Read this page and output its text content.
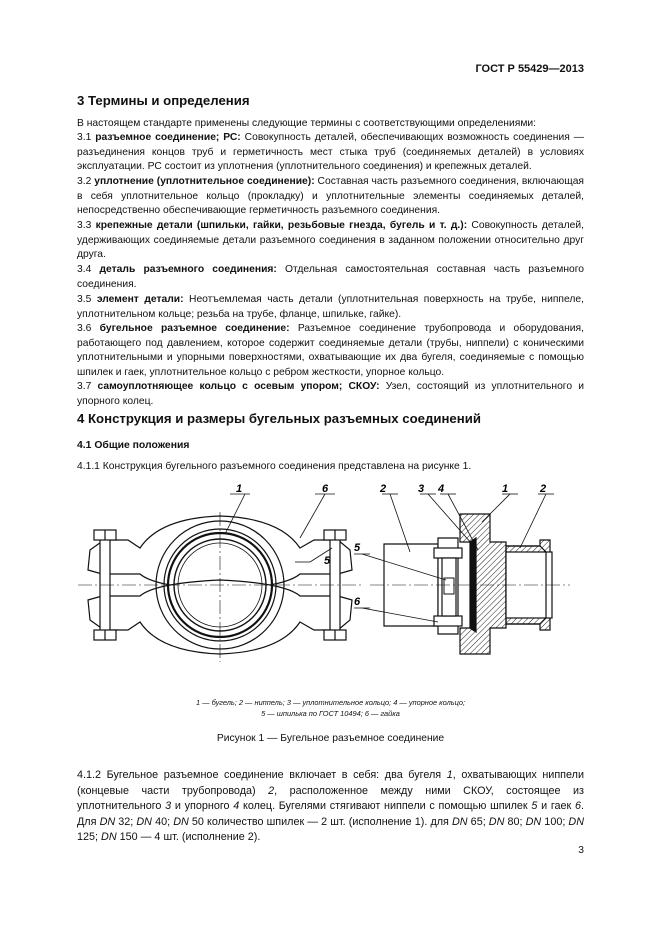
ГОСТ Р 55429—2013
3 Термины и определения
В настоящем стандарте применены следующие термины с соответствующими определениями:
3.1 разъемное соединение; РС: Совокупность деталей, обеспечивающих возможность соединения — разъединения концов труб и герметичность мест стыка труб (соединяемых деталей) в условиях эксплуатации. РС состоит из уплотнения (уплотнительного соединения) и крепежных деталей.
3.2 уплотнение (уплотнительное соединение): Составная часть разъемного соединения, включающая в себя уплотнительное кольцо (прокладку) и уплотнительные элементы соединяемых деталей, непосредственно обеспечивающие герметичность разъемного соединения.
3.3 крепежные детали (шпильки, гайки, резьбовые гнезда, бугель и т. д.): Совокупность деталей, удерживающих соединяемые детали разъемного соединения в заданном положении относительно друг друга.
3.4 деталь разъемного соединения: Отдельная самостоятельная составная часть разъемного соединения.
3.5 элемент детали: Неотъемлемая часть детали (уплотнительная поверхность на трубе, ниппеле, уплотнительном кольце; резьба на трубе, фланце, шпильке, гайке).
3.6 бугельное разъемное соединение: Разъемное соединение трубопровода и оборудования, работающего под давлением, которое содержит соединяемые детали (трубы, ниппели) с коническими уплотнительными и упорными поверхностями, охватывающие их два бугеля, соединяемые с помощью шпилек и гаек, уплотнительное кольцо с ребром жесткости, упорное кольцо.
3.7 самоуплотняющее кольцо с осевым упором; СКОУ: Узел, состоящий из уплотнительного и упорного колец.
4 Конструкция и размеры бугельных разъемных соединений
4.1 Общие положения
4.1.1 Конструкция бугельного разъемного соединения представлена на рисунке 1.
1	6
5
2	3 4	1	2
5
6
1 — бугель; 2 — ниппель; 3 — уплотнительное кольцо; 4 — упорное кольцо;
5 — шпилька по ГОСТ 10494; 6 — гайка
Рисунок 1 — Бугельное разъемное соединение
4.1.2 Бугельное разъемное соединение включает в себя: два бугеля 1, охватывающих ниппели (концевые части трубопровода) 2, расположенное между ними СКОУ, состоящее из уплотнительного 3 и упорного 4 колец. Бугелями стягивают ниппели с помощью шпилек 5 и гаек 6. Для DN 32; DN 40; DN 50 количество шпилек — 2 шт. (исполнение 1). для DN 65; DN 80; DN 100; DN 125; DN 150 — 4 шт. (исполнение 2).
3
